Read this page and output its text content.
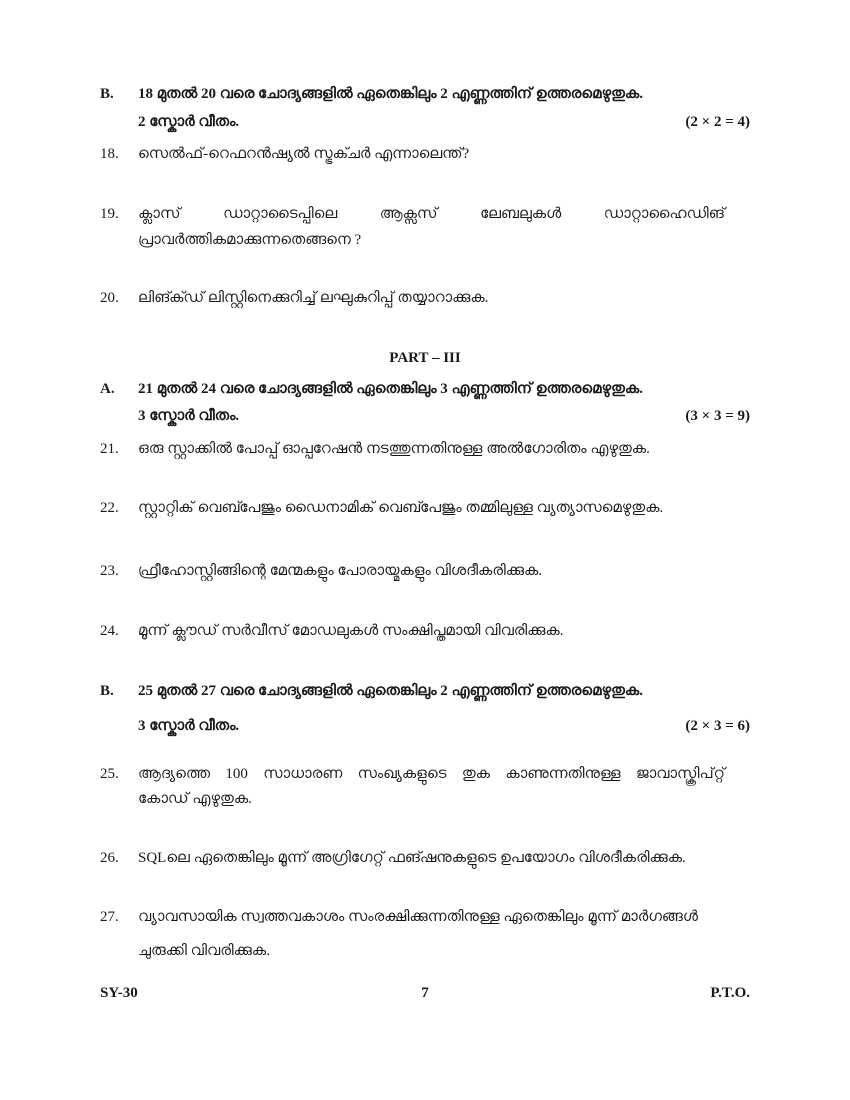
B. 18 മുതൽ 20 വരെ ചോദ്യങ്ങളിൽ ഏതെങ്കിലും 2 എണ്ണത്തിന് ഉത്തരമെഴുതുക.
2 സ്കോർ വീതം.	(2 × 2 = 4)
18. സെൽഫ്-റെഫറൻഷ്യൽ സ്ട്രക്ചർ എന്നാലെന്ത്?
19. ക്ലാസ് ഡാറ്റാടൈപ്പിലെ ആക്സസ് ലേബലുകൾ ഡാറ്റാഹൈഡിങ്
പ്രാവർത്തികമാക്കുന്നതെങ്ങനെ ?
20. ലിങ്ക്ഡ് ലിസ്റ്റിനെക്കുറിച്ച് ലഘുകുറിപ്പ് തയ്യാറാക്കുക.
PART – III
A. 21 മുതൽ 24 വരെ ചോദ്യങ്ങളിൽ ഏതെങ്കിലും 3 എണ്ണത്തിന് ഉത്തരമെഴുതുക.
3 സ്കോർ വീതം.	(3 × 3 = 9)
21. ഒരു സ്റ്റാക്കിൽ പോപ്പ് ഓപ്പറേഷൻ നടത്തുന്നതിനുള്ള അൽഗോരിതം എഴുതുക.
22. സ്റ്റാറ്റിക് വെബ്പേജും ഡൈനാമിക് വെബ്പേജും തമ്മിലുള്ള വ്യത്യാസമെഴുതുക.
23. ഫ്രീഹോസ്റ്റിങ്ങിന്റെ മേന്മകളും പോരായ്മകളും വിശദീകരിക്കുക.
24. മൂന്ന് ക്ലൗഡ് സർവീസ് മോഡലുകൾ സംക്ഷിപ്തമായി വിവരിക്കുക.
B. 25 മുതൽ 27 വരെ ചോദ്യങ്ങളിൽ ഏതെങ്കിലും 2 എണ്ണത്തിന് ഉത്തരമെഴുതുക.
3 സ്കോർ വീതം.	(2 × 3 = 6)
25. ആദ്യത്തെ 100 സാധാരണ സംഖ്യകളുടെ തുക കാണുന്നതിനുള്ള ജാവാസ്ക്രിപ്റ്റ്
കോഡ് എഴുതുക.
26. SQLലെ ഏതെങ്കിലും മൂന്ന് അഗ്രിഗേറ്റ് ഫങ്ഷനുകളുടെ ഉപയോഗം വിശദീകരിക്കുക.
27. വ്യാവസായിക സ്വത്തവകാശം സംരക്ഷിക്കുന്നതിനുള്ള ഏതെങ്കിലും മൂന്ന് മാർഗങ്ങൾ
ചുരുക്കി വിവരിക്കുക.
SY-30	7	P.T.O.
